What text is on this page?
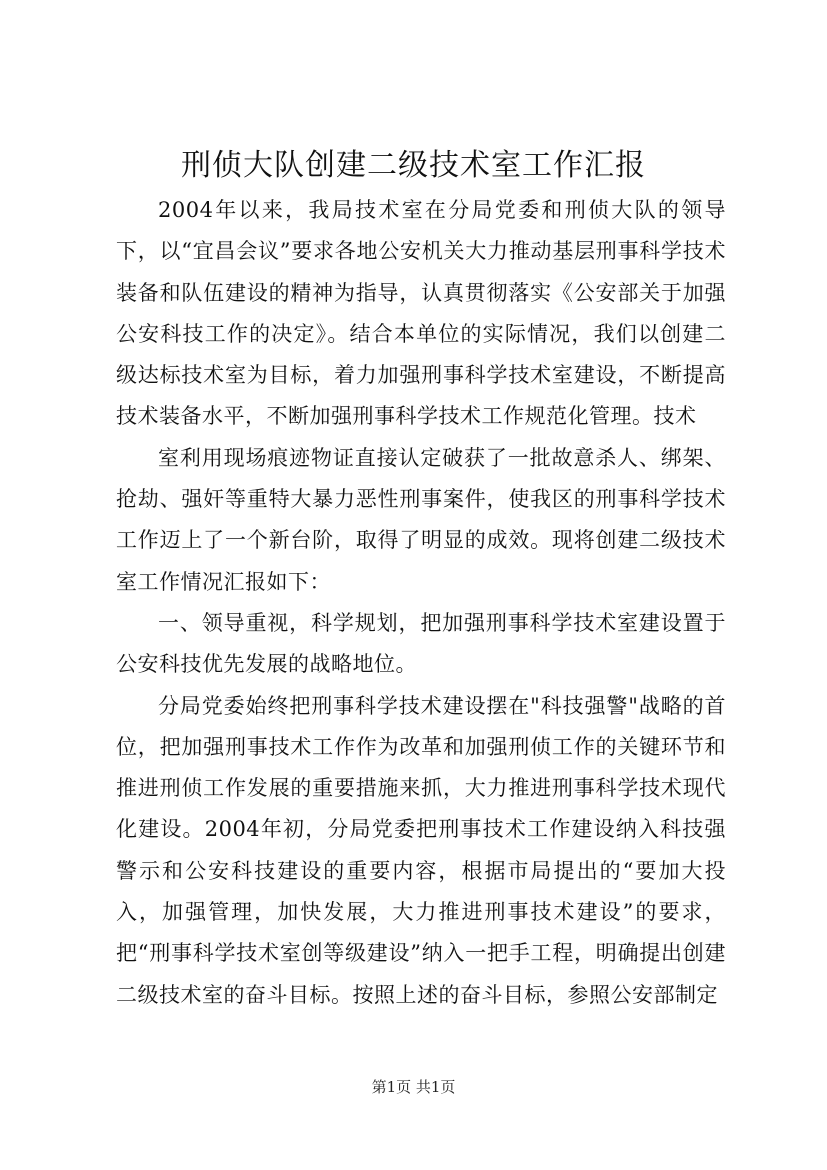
刑侦大队创建二级技术室工作汇报

2004年以来，我局技术室在分局党委和刑侦大队的领导下，以“宜昌会议”要求各地公安机关大力推动基层刑事科学技术装备和队伍建设的精神为指导，认真贯彻落实《公安部关于加强公安科技工作的决定》。结合本单位的实际情况，我们以创建二级达标技术室为目标，着力加强刑事科学技术室建设，不断提高技术装备水平，不断加强刑事科学技术工作规范化管理。技术

室利用现场痕迹物证直接认定破获了一批故意杀人、绑架、抢劫、强奸等重特大暴力恶性刑事案件，使我区的刑事科学技术工作迈上了一个新台阶，取得了明显的成效。现将创建二级技术室工作情况汇报如下：

一、领导重视，科学规划，把加强刑事科学技术室建设置于公安科技优先发展的战略地位。

分局党委始终把刑事科学技术建设摆在"科技强警"战略的首位，把加强刑事技术工作作为改革和加强刑侦工作的关键环节和推进刑侦工作发展的重要措施来抓，大力推进刑事科学技术现代化建设。2004年初，分局党委把刑事技术工作建设纳入科技强警示和公安科技建设的重要内容，根据市局提出的“要加大投入，加强管理，加快发展，大力推进刑事技术建设”的要求，把“刑事科学技术室创等级建设”纳入一把手工程，明确提出创建二级技术室的奋斗目标。按照上述的奋斗目标，参照公安部制定

第1页 共1页
